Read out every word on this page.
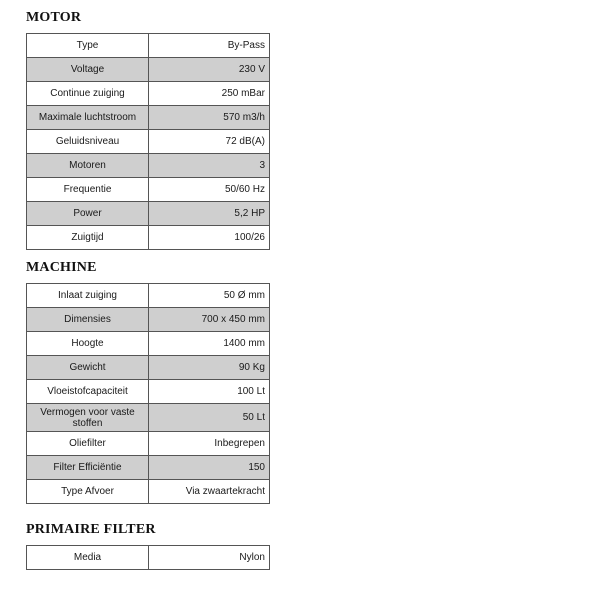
MOTOR
Type	By-Pass
Voltage	230 V
Continue zuiging	250 mBar
Maximale luchtstroom	570 m3/h
Geluidsniveau	72 dB(A)
Motoren	3
Frequentie	50/60 Hz
Power	5,2 HP
Zuigtijd	100/26
MACHINE
Inlaat zuiging	50 Ø mm
Dimensies	700 x 450 mm
Hoogte	1400 mm
Gewicht	90 Kg
Vloeistofcapaciteit	100 Lt
Vermogen voor vaste stoffen	50 Lt
Oliefilter	Inbegrepen
Filter Efficiëntie	150
Type Afvoer	Via zwaartekracht
PRIMAIRE FILTER
Media	Nylon
